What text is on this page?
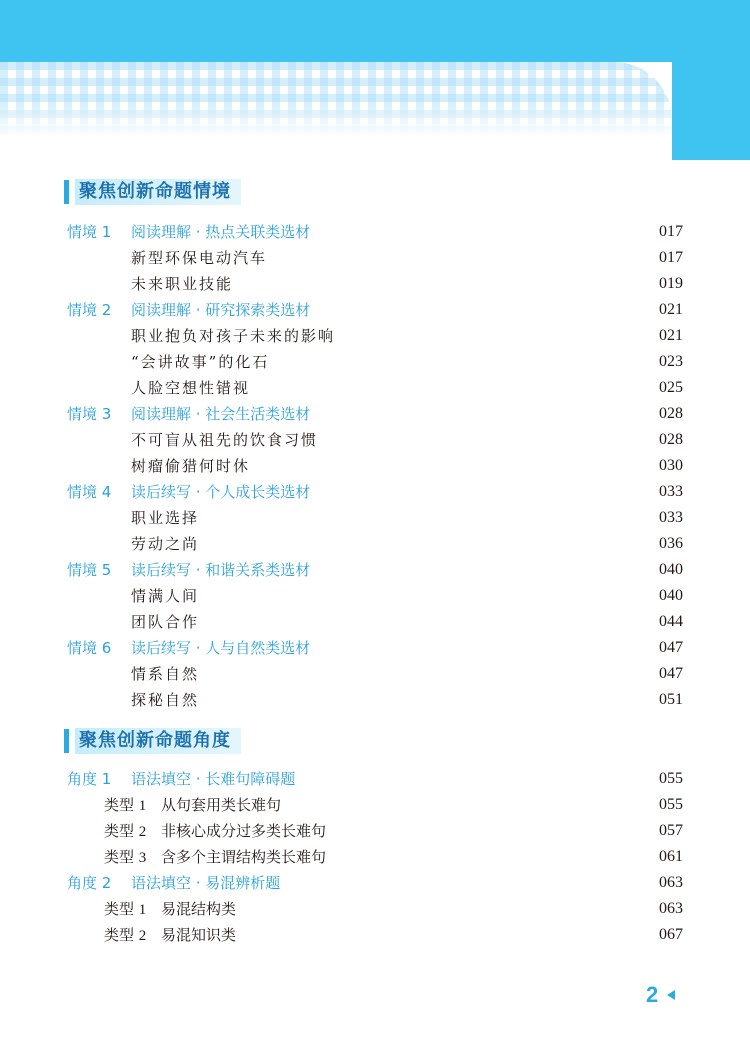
聚焦创新命题情境
情境 1 阅读理解 · 热点关联类选材	017
新型环保电动汽车	017
未来职业技能	019
情境 2 阅读理解 · 研究探索类选材	021
职业抱负对孩子未来的影响	021
“会讲故事”的化石	023
人脸空想性错视	025
情境 3 阅读理解 · 社会生活类选材	028
不可盲从祖先的饮食习惯	028
树瘤偷猎何时休	030
情境 4 读后续写 · 个人成长类选材	033
职业选择	033
劳动之尚	036
情境 5 读后续写 · 和谐关系类选材	040
情满人间	040
团队合作	044
情境 6 读后续写 · 人与自然类选材	047
情系自然	047
探秘自然	051
聚焦创新命题角度
角度 1 语法填空 · 长难句障碍题	055
类型 1 从句套用类长难句	055
类型 2 非核心成分过多类长难句	057
类型 3 含多个主谓结构类长难句	061
角度 2 语法填空 · 易混辨析题	063
类型 1 易混结构类	063
类型 2 易混知识类	067
2
